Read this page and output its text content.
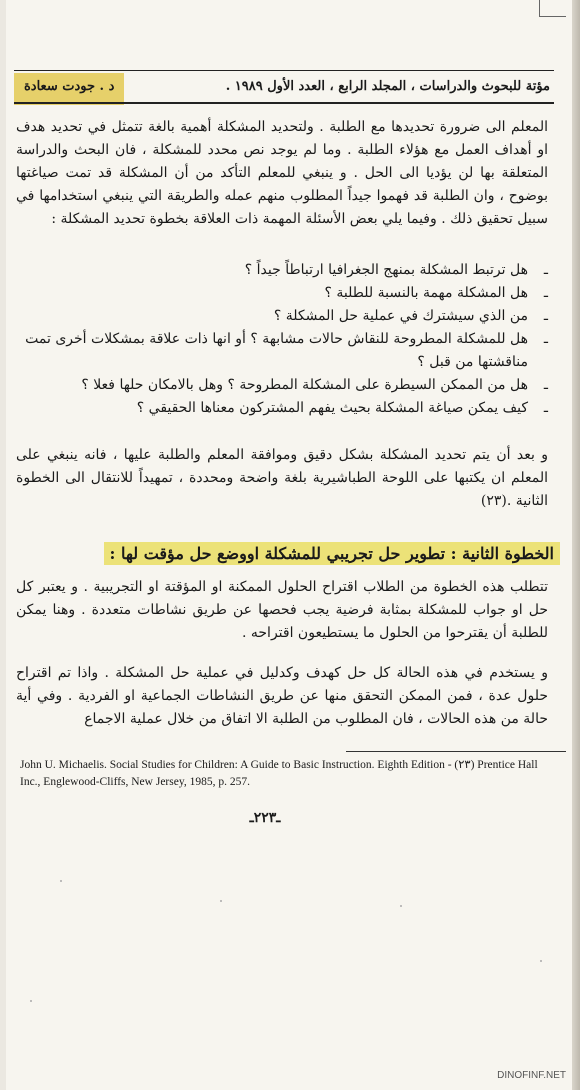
مؤتة للبحوث والدراسات ، المجلد الرابع ، العدد الأول ١٩٨٩ .
د . جودت سعادة
المعلم الى ضرورة تحديدها مع الطلبة . ولتحديد المشكلة أهمية بالغة تتمثل في تحديد هدف او أهداف العمل مع هؤلاء الطلبة . وما لم يوجد نص محدد للمشكلة ، فان البحث والدراسة المتعلقة بها لن يؤديا الى الحل . و ينبغي للمعلم التأكد من أن المشكلة قد تمت صياغتها بوضوح ، وان الطلبة قد فهموا جيداً المطلوب منهم عمله والطريقة التي ينبغي استخدامها في سبيل تحقيق ذلك . وفيما يلي بعض الأسئلة المهمة ذات العلاقة بخطوة تحديد المشكلة :
ـ
هل ترتبط المشكلة بمنهج الجغرافيا ارتباطاً جيداً ؟
ـ
هل المشكلة مهمة بالنسبة للطلبة ؟
ـ
من الذي سيشترك في عملية حل المشكلة ؟
ـ
هل للمشكلة المطروحة للنقاش حالات مشابهة ؟ أو انها ذات علاقة بمشكلات أخرى تمت مناقشتها من قبل ؟
ـ
هل من الممكن السيطرة على المشكلة المطروحة ؟ وهل بالامكان حلها فعلا ؟
ـ
كيف يمكن صياغة المشكلة بحيث يفهم المشتركون معناها الحقيقي ؟
و بعد أن يتم تحديد المشكلة بشكل دقيق وموافقة المعلم والطلبة عليها ، فانه ينبغي على المعلم ان يكتبها على اللوحة الطباشيرية بلغة واضحة ومحددة ، تمهيداً للانتقال الى الخطوة الثانية .(٢٣)
الخطوة الثانية : تطوير حل تجريبي للمشكلة اووضع حل مؤقت لها :
تتطلب هذه الخطوة من الطلاب اقتراح الحلول الممكنة او المؤقتة او التجريبية . و يعتبر كل حل او جواب للمشكلة بمثابة فرضية يجب فحصها عن طريق نشاطات متعددة . وهنا يمكن للطلبة أن يقترحوا من الحلول ما يستطيعون اقتراحه .
و يستخدم في هذه الحالة كل حل كهدف وكدليل في عملية حل المشكلة . واذا تم اقتراح حلول عدة ، فمن الممكن التحقق منها عن طريق النشاطات الجماعية او الفردية . وفي أية حالة من هذه الحالات ، فان المطلوب من الطلبة الا اتفاق من خلال عملية الاجماع
John U. Michaelis. Social Studies for Children: A Guide to Basic Instruction. Eighth Edition - (٢٣) Prentice Hall Inc., Englewood-Cliffs, New Jersey, 1985, p. 257.
ـ٢٢٣ـ
DINOFINF.NET
